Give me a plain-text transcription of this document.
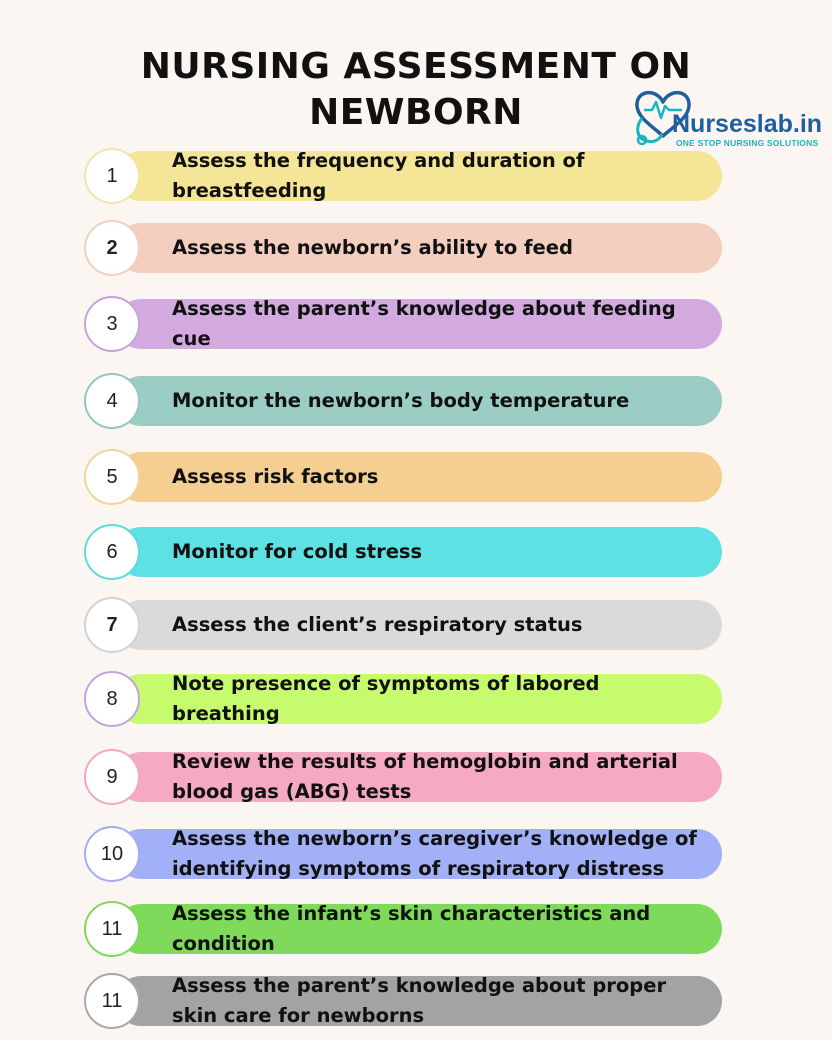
NURSING ASSESSMENT ON NEWBORN	Nurseslab.in
ONE STOP NURSING SOLUTIONS
1
Assess the frequency and duration of breastfeeding
2	Assess the newborn’s ability to feed
3
Assess the parent’s knowledge about feeding cue
4	Monitor the newborn’s body temperature
5	Assess risk factors
6	Monitor for cold stress
7	Assess the client’s respiratory status
8
Note presence of symptoms of labored breathing
9
Review the results of hemoglobin and arterial blood gas (ABG) tests
10
Assess the newborn’s caregiver’s knowledge of identifying symptoms of respiratory distress
11
Assess the infant’s skin characteristics and condition
11
Assess the parent’s knowledge about proper skin care for newborns
